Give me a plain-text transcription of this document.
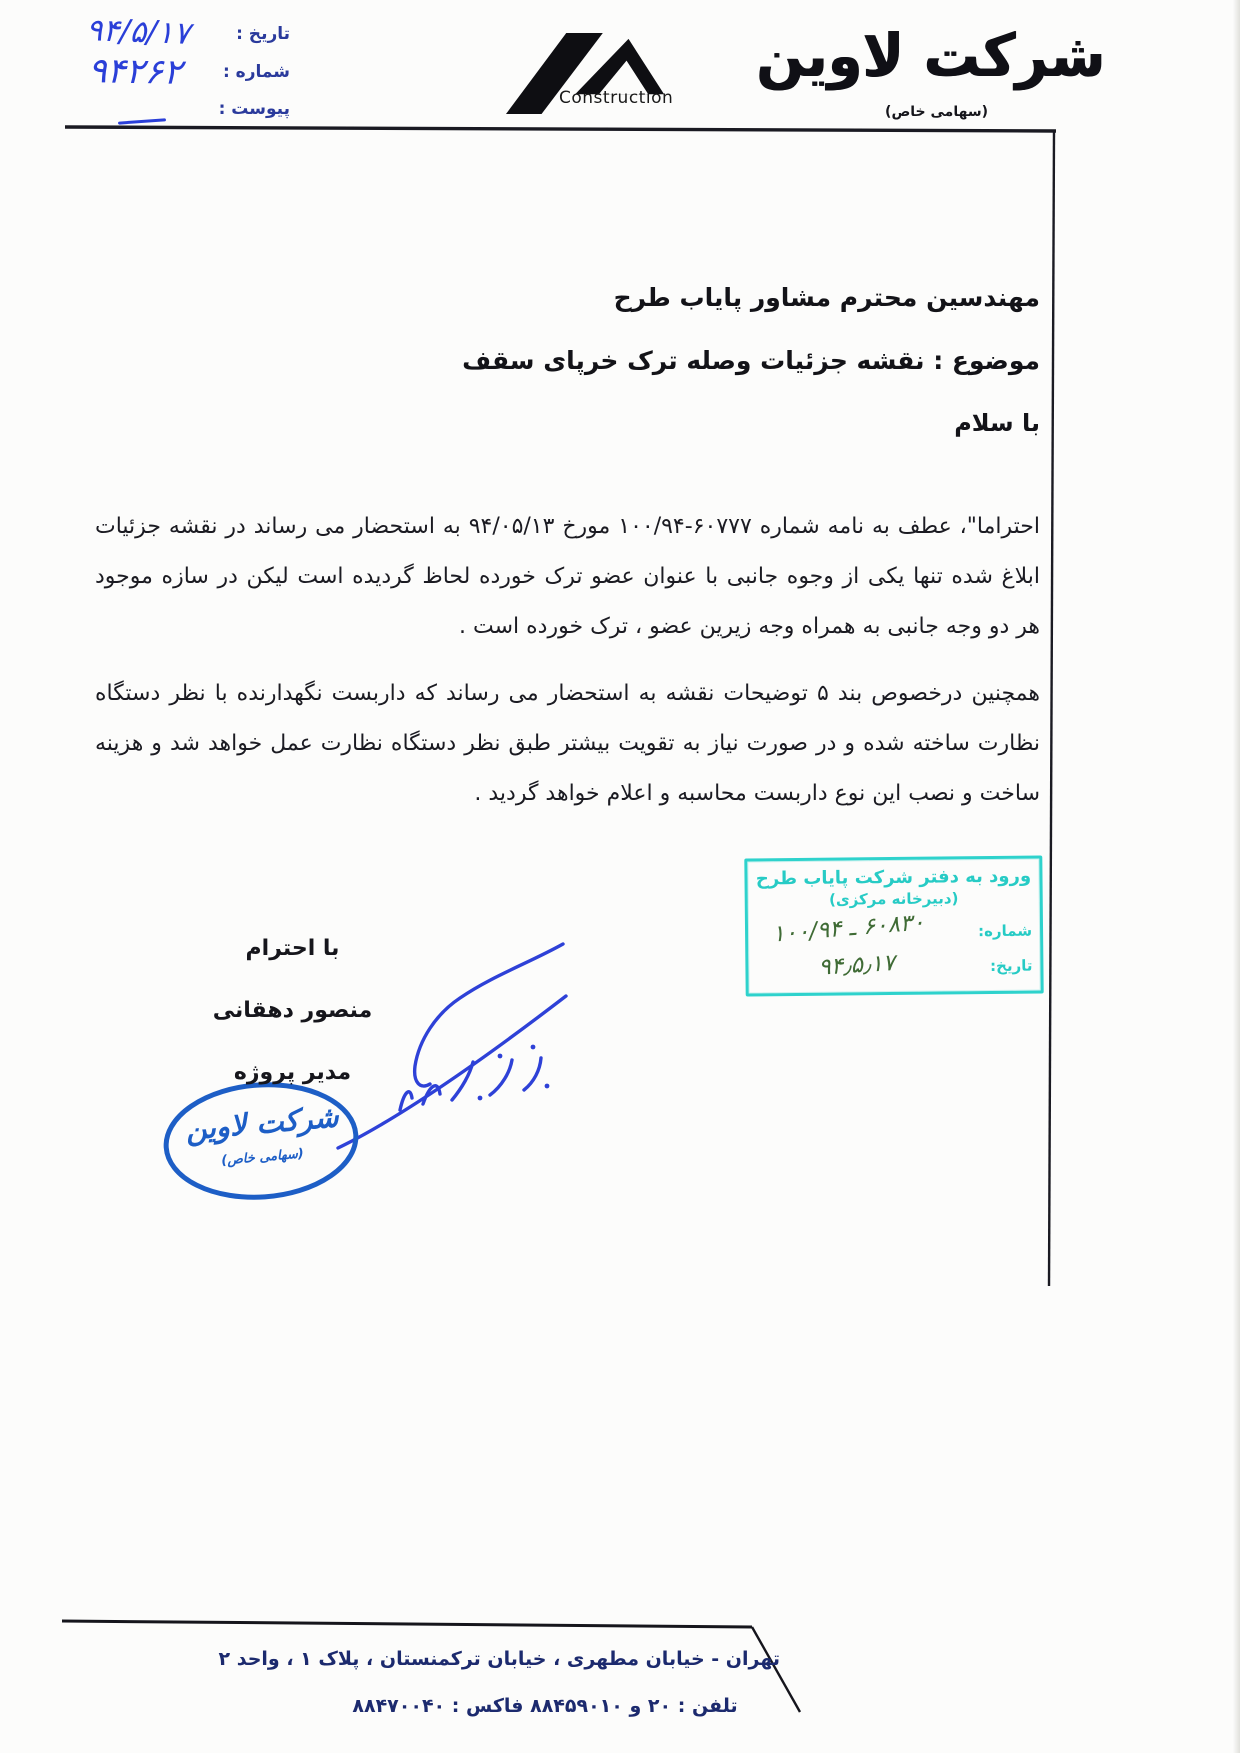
تاریخ :
شماره :
پیوست :
۹۴/۵/۱۷
۹۴۲۶۲
Construction
شرکت لاوین
(سهامی خاص)
مهندسین محترم مشاور پایاب طرح
موضوع : نقشه جزئیات وصله ترک خرپای سقف
با سلام
احتراما"، عطف به نامه شماره ۶۰۷۷۷-۱۰۰/۹۴ مورخ ۹۴/۰۵/۱۳ به استحضار می رساند در نقشه جزئیات ابلاغ شده تنها یکی از وجوه جانبی با عنوان عضو ترک خورده لحاظ گردیده است لیکن در سازه موجود هر دو وجه جانبی به همراه وجه زیرین عضو ، ترک خورده است .
همچنین درخصوص بند ۵ توضیحات نقشه به استحضار می رساند که داربست نگهدارنده با نظر دستگاه نظارت ساخته شده و در صورت نیاز به تقویت بیشتر طبق نظر دستگاه نظارت عمل خواهد شد و هزینه ساخت و نصب این نوع داربست محاسبه و اعلام خواهد گردید .
ورود به دفتر شرکت پایاب طرح
(دبیرخانه مرکزی)
شماره:
۶۰۸۳۰ ـ ۱۰۰/۹۴
تاریخ:
۹۴٫۵٫۱۷
با احترام
منصور دهقانی
مدیر پروژه
شرکت لاوین
(سهامی خاص)
تهران - خیابان مطهری ، خیابان ترکمنستان ، پلاک ۱ ، واحد ۲
تلفن : ۲۰ و ۸۸۴۵۹۰۱۰ فاکس : ۸۸۴۷۰۰۴۰
